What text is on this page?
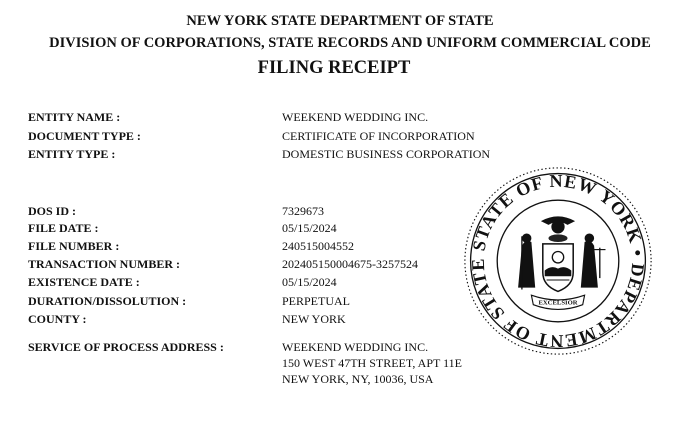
NEW YORK STATE DEPARTMENT OF STATE
DIVISION OF CORPORATIONS, STATE RECORDS AND UNIFORM COMMERCIAL CODE
FILING RECEIPT
ENTITY NAME :	WEEKEND WEDDING INC.
DOCUMENT TYPE :	CERTIFICATE OF INCORPORATION
ENTITY TYPE :	DOMESTIC BUSINESS CORPORATION
DOS ID :	7329673
FILE DATE :	05/15/2024
FILE NUMBER :	240515004552
TRANSACTION NUMBER :	202405150004675-3257524
EXISTENCE DATE :	05/15/2024
DURATION/DISSOLUTION :	PERPETUAL
COUNTY :	NEW YORK
SERVICE OF PROCESS ADDRESS :	WEEKEND WEDDING INC.
150 WEST 47TH STREET, APT 11E
NEW YORK, NY, 10036, USA
STATE OF NEW YORK • DEPARTMENT OF STATE
EXCELSIOR
